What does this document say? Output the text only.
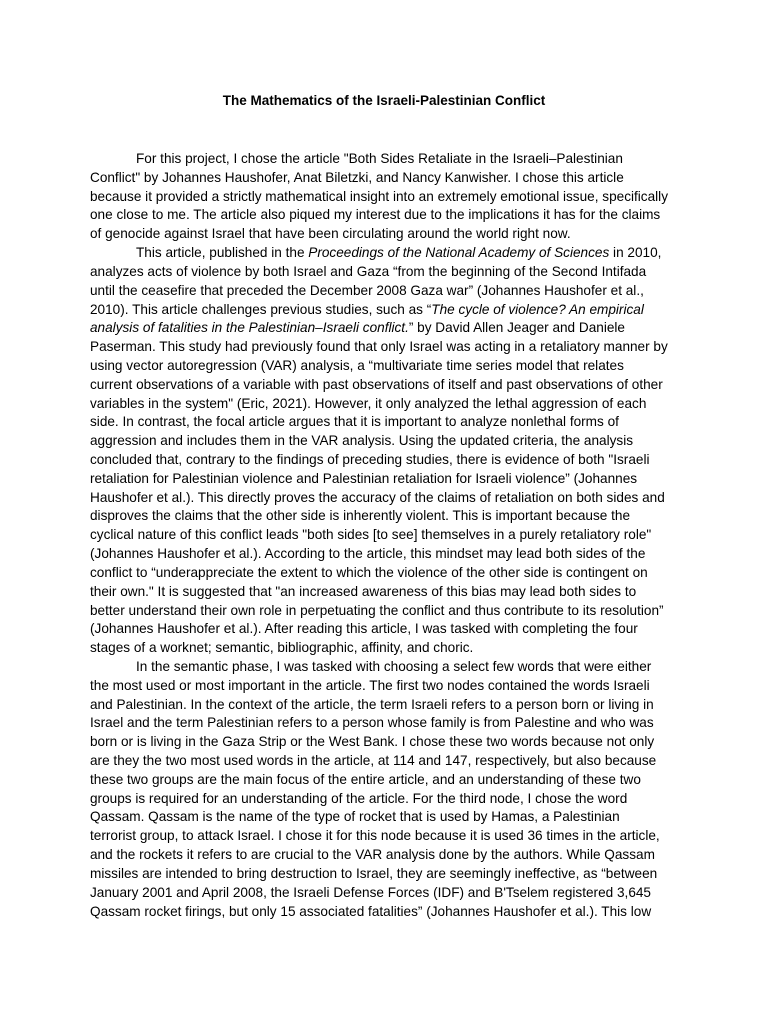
The Mathematics of the Israeli-Palestinian Conflict
For this project, I chose the article "Both Sides Retaliate in the Israeli–Palestinian
Conflict" by Johannes Haushofer, Anat Biletzki, and Nancy Kanwisher. I chose this article
because it provided a strictly mathematical insight into an extremely emotional issue, specifically
one close to me. The article also piqued my interest due to the implications it has for the claims
of genocide against Israel that have been circulating around the world right now.
This article, published in the Proceedings of the National Academy of Sciences in 2010,
analyzes acts of violence by both Israel and Gaza “from the beginning of the Second Intifada
until the ceasefire that preceded the December 2008 Gaza war” (Johannes Haushofer et al.,
2010). This article challenges previous studies, such as “The cycle of violence? An empirical
analysis of fatalities in the Palestinian–Israeli conflict.” by David Allen Jeager and Daniele
Paserman. This study had previously found that only Israel was acting in a retaliatory manner by
using vector autoregression (VAR) analysis, a “multivariate time series model that relates
current observations of a variable with past observations of itself and past observations of other
variables in the system" (Eric, 2021). However, it only analyzed the lethal aggression of each
side. In contrast, the focal article argues that it is important to analyze nonlethal forms of
aggression and includes them in the VAR analysis. Using the updated criteria, the analysis
concluded that, contrary to the findings of preceding studies, there is evidence of both "Israeli
retaliation for Palestinian violence and Palestinian retaliation for Israeli violence” (Johannes
Haushofer et al.). This directly proves the accuracy of the claims of retaliation on both sides and
disproves the claims that the other side is inherently violent. This is important because the
cyclical nature of this conflict leads "both sides [to see] themselves in a purely retaliatory role"
(Johannes Haushofer et al.). According to the article, this mindset may lead both sides of the
conflict to “underappreciate the extent to which the violence of the other side is contingent on
their own." It is suggested that "an increased awareness of this bias may lead both sides to
better understand their own role in perpetuating the conflict and thus contribute to its resolution”
(Johannes Haushofer et al.). After reading this article, I was tasked with completing the four
stages of a worknet; semantic, bibliographic, affinity, and choric.
In the semantic phase, I was tasked with choosing a select few words that were either
the most used or most important in the article. The first two nodes contained the words Israeli
and Palestinian. In the context of the article, the term Israeli refers to a person born or living in
Israel and the term Palestinian refers to a person whose family is from Palestine and who was
born or is living in the Gaza Strip or the West Bank. I chose these two words because not only
are they the two most used words in the article, at 114 and 147, respectively, but also because
these two groups are the main focus of the entire article, and an understanding of these two
groups is required for an understanding of the article. For the third node, I chose the word
Qassam. Qassam is the name of the type of rocket that is used by Hamas, a Palestinian
terrorist group, to attack Israel. I chose it for this node because it is used 36 times in the article,
and the rockets it refers to are crucial to the VAR analysis done by the authors. While Qassam
missiles are intended to bring destruction to Israel, they are seemingly ineffective, as “between
January 2001 and April 2008, the Israeli Defense Forces (IDF) and B'Tselem registered 3,645
Qassam rocket firings, but only 15 associated fatalities” (Johannes Haushofer et al.). This low
